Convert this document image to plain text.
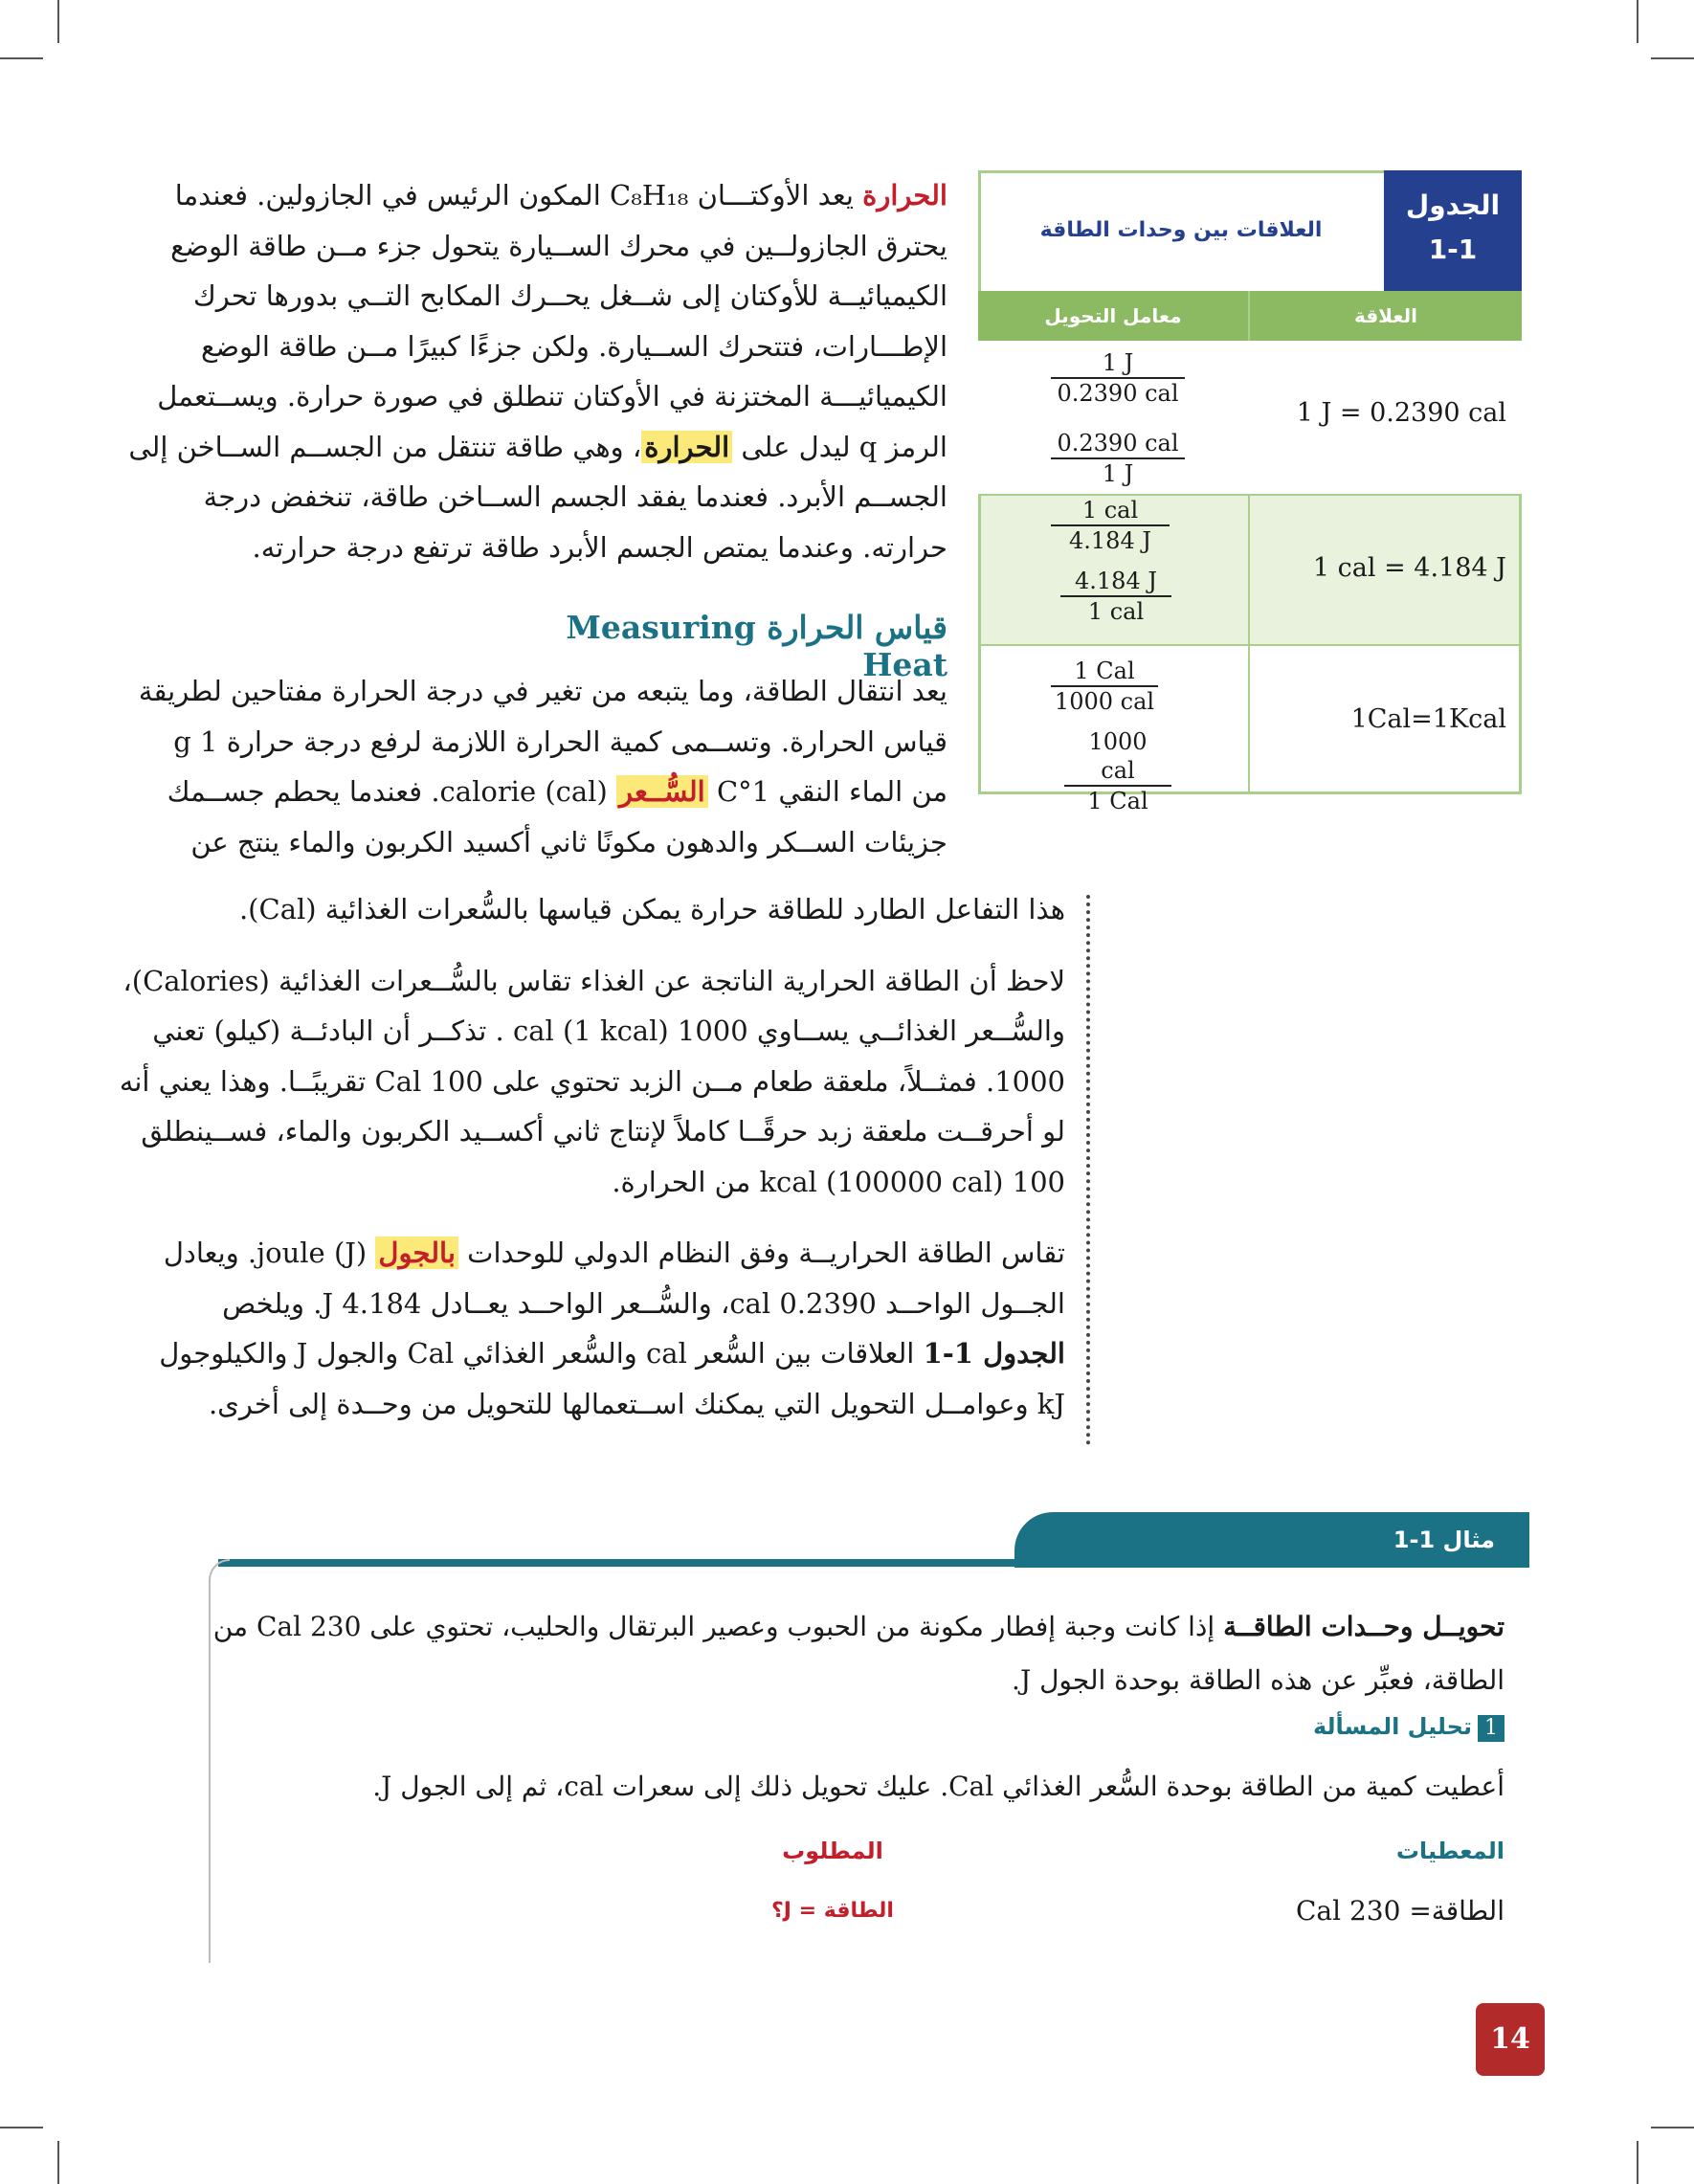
الحرارة يعد الأوكتـــان C₈H₁₈ المكون الرئيس في الجازولين. فعندما
يحترق الجازولــين في محرك الســيارة يتحول جزء مــن طاقة الوضع
الكيميائيــة للأوكتان إلى شــغل يحــرك المكابح التــي بدورها تحرك
الإطـــارات، فتتحرك الســيارة. ولكن جزءًا كبيرًا مــن طاقة الوضع
الكيميائيـــة المختزنة في الأوكتان تنطلق في صورة حرارة. ويســتعمل
الرمز q ليدل على الحرارة، وهي طاقة تنتقل من الجســم الســاخن إلى
الجســم الأبرد. فعندما يفقد الجسم الســاخن طاقة، تنخفض درجة
حرارته. وعندما يمتص الجسم الأبرد طاقة ترتفع درجة حرارته.
قياس الحرارة Measuring Heat
يعد انتقال الطاقة، وما يتبعه من تغير في درجة الحرارة مفتاحين لطريقة
قياس الحرارة. وتســمى كمية الحرارة اللازمة لرفع درجة حرارة 1 g
من الماء النقي 1°C السُّــعر calorie (cal). فعندما يحطم جســمك
جزيئات الســكر والدهون مكونًا ثاني أكسيد الكربون والماء ينتج عن
هذا التفاعل الطارد للطاقة حرارة يمكن قياسها بالسُّعرات الغذائية (Cal).
لاحظ أن الطاقة الحرارية الناتجة عن الغذاء تقاس بالسُّــعرات الغذائية (Calories)،
والسُّــعر الغذائــي يســاوي 1000 cal (1 kcal) . تذكــر أن البادئــة (كيلو) تعني
1000. فمثــلاً، ملعقة طعام مــن الزبد تحتوي على 100 Cal تقريبًــا. وهذا يعني أنه
لو أحرقــت ملعقة زبد حرقًــا كاملاً لإنتاج ثاني أكســيد الكربون والماء، فســينطلق
100 kcal (100000 cal) من الحرارة.
تقاس الطاقة الحراريــة وفق النظام الدولي للوحدات بالجول joule (J). ويعادل
الجــول الواحــد 0.2390 cal، والسُّــعر الواحــد يعــادل 4.184 J. ويلخص
الجدول 1-1 العلاقات بين السُّعر cal والسُّعر الغذائي Cal والجول J والكيلوجول
kJ وعوامــل التحويل التي يمكنك اســتعمالها للتحويل من وحــدة إلى أخرى.
الجدول
1-1
العلاقات بين وحدات الطاقة
العلاقة
معامل التحويل
1 J = 0.2390 cal
1 J
0.2390 cal
0.2390 cal
1 J
1 cal = 4.184 J
1 cal
4.184 J
4.184 J
1 cal
1Cal=1Kcal
1 Cal
1000 cal
1000 cal
1 Cal
مثال 1-1
تحويــل وحــدات الطاقــة إذا كانت وجبة إفطار مكونة من الحبوب وعصير البرتقال والحليب، تحتوي على 230 Cal من
الطاقة، فعبِّر عن هذه الطاقة بوحدة الجول J.
1تحليل المسألة
أعطيت كمية من الطاقة بوحدة السُّعر الغذائي Cal. عليك تحويل ذلك إلى سعرات cal، ثم إلى الجول J.
المعطيات
الطاقة= 230 Cal
المطلوب
الطاقة = J؟
14
